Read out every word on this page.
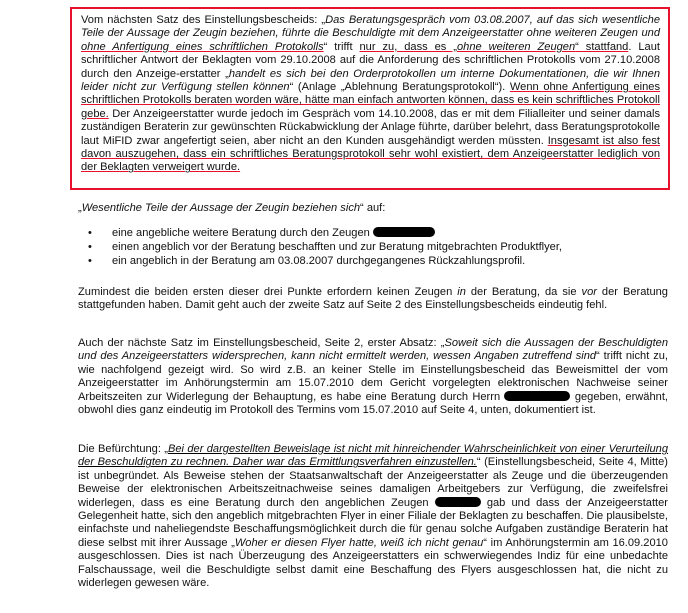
Vom nächsten Satz des Einstellungsbescheids: „Das Beratungsgespräch vom 03.08.2007, auf das sich wesentliche Teile der Aussage der Zeugin beziehen, führte die Beschuldigte mit dem Anzeigeerstatter ohne weiteren Zeugen und ohne Anfertigung eines schriftlichen Protokolls“ trifft nur zu, dass es „ohne weiteren Zeugen“ stattfand. Laut schriftlicher Antwort der Beklagten vom 29.10.2008 auf die Anforderung des schriftlichen Protokolls vom 27.10.2008 durch den Anzeige-erstatter „handelt es sich bei den Orderprotokollen um interne Dokumentationen, die wir Ihnen leider nicht zur Verfügung stellen können“ (Anlage „Ablehnung Beratungsprotokoll“). Wenn ohne Anfertigung eines schriftlichen Protokolls beraten worden wäre, hätte man einfach antworten können, dass es kein schriftliches Protokoll gebe. Der Anzeigeerstatter wurde jedoch im Gespräch vom 14.10.2008, das er mit dem Filialleiter und seiner damals zuständigen Beraterin zur gewünschten Rückabwicklung der Anlage führte, darüber belehrt, dass Beratungsprotokolle laut MiFID zwar angefertigt seien, aber nicht an den Kunden ausgehändigt werden müssten. Insgesamt ist also fest davon auszugehen, dass ein schriftliches Beratungsprotokoll sehr wohl existiert, dem Anzeigeerstatter lediglich von der Beklagten verweigert wurde.

„Wesentliche Teile der Aussage der Zeugin beziehen sich“ auf:

• eine angebliche weitere Beratung durch den Zeugen
• einen angeblich vor der Beratung beschafften und zur Beratung mitgebrachten Produktflyer,
• ein angeblich in der Beratung am 03.08.2007 durchgegangenes Rückzahlungsprofil.

Zumindest die beiden ersten dieser drei Punkte erfordern keinen Zeugen in der Beratung, da sie vor der Beratung stattgefunden haben. Damit geht auch der zweite Satz auf Seite 2 des Einstellungsbescheids eindeutig fehl.

Auch der nächste Satz im Einstellungsbescheid, Seite 2, erster Absatz: „Soweit sich die Aussagen der Beschuldigten und des Anzeigeerstatters widersprechen, kann nicht ermittelt werden, wessen Angaben zutreffend sind“ trifft nicht zu, wie nachfolgend gezeigt wird. So wird z.B. an keiner Stelle im Einstellungsbescheid das Beweismittel der vom Anzeigeerstatter im Anhörungstermin am 15.07.2010 dem Gericht vorgelegten elektronischen Nachweise seiner Arbeitszeiten zur Widerlegung der Behauptung, es habe eine Beratung durch Herrn	gegeben, erwähnt, obwohl dies ganz eindeutig im Protokoll des Termins vom 15.07.2010 auf Seite 4, unten, dokumentiert ist.

Die Befürchtung: „Bei der dargestellten Beweislage ist nicht mit hinreichender Wahrscheinlichkeit von einer Verurteilung der Beschuldigten zu rechnen. Daher war das Ermittlungsverfahren einzustellen.“ (Einstellungsbescheid, Seite 4, Mitte) ist unbegründet. Als Beweise stehen der Staatsanwaltschaft der Anzeigeerstatter als Zeuge und die überzeugenden Beweise der elektronischen Arbeitszeitnachweise seines damaligen Arbeitgebers zur Verfügung, die zweifelsfrei widerlegen, dass es eine Beratung durch den angeblichen Zeugen	gab und dass der Anzeigeerstatter Gelegenheit hatte, sich den angeblich mitgebrachten Flyer in einer Filiale der Beklagten zu beschaffen. Die plausibelste, einfachste und naheliegendste Beschaffungsmöglichkeit durch die für genau solche Aufgaben zuständige Beraterin hat diese selbst mit ihrer Aussage „Woher er diesen Flyer hatte, weiß ich nicht genau“ im Anhörungstermin am 16.09.2010 ausgeschlossen. Dies ist nach Überzeugung des Anzeigeerstatters ein schwerwiegendes Indiz für eine unbedachte Falschaussage, weil die Beschuldigte selbst damit eine Beschaffung des Flyers ausgeschlossen hat, die nicht zu widerlegen gewesen wäre.
